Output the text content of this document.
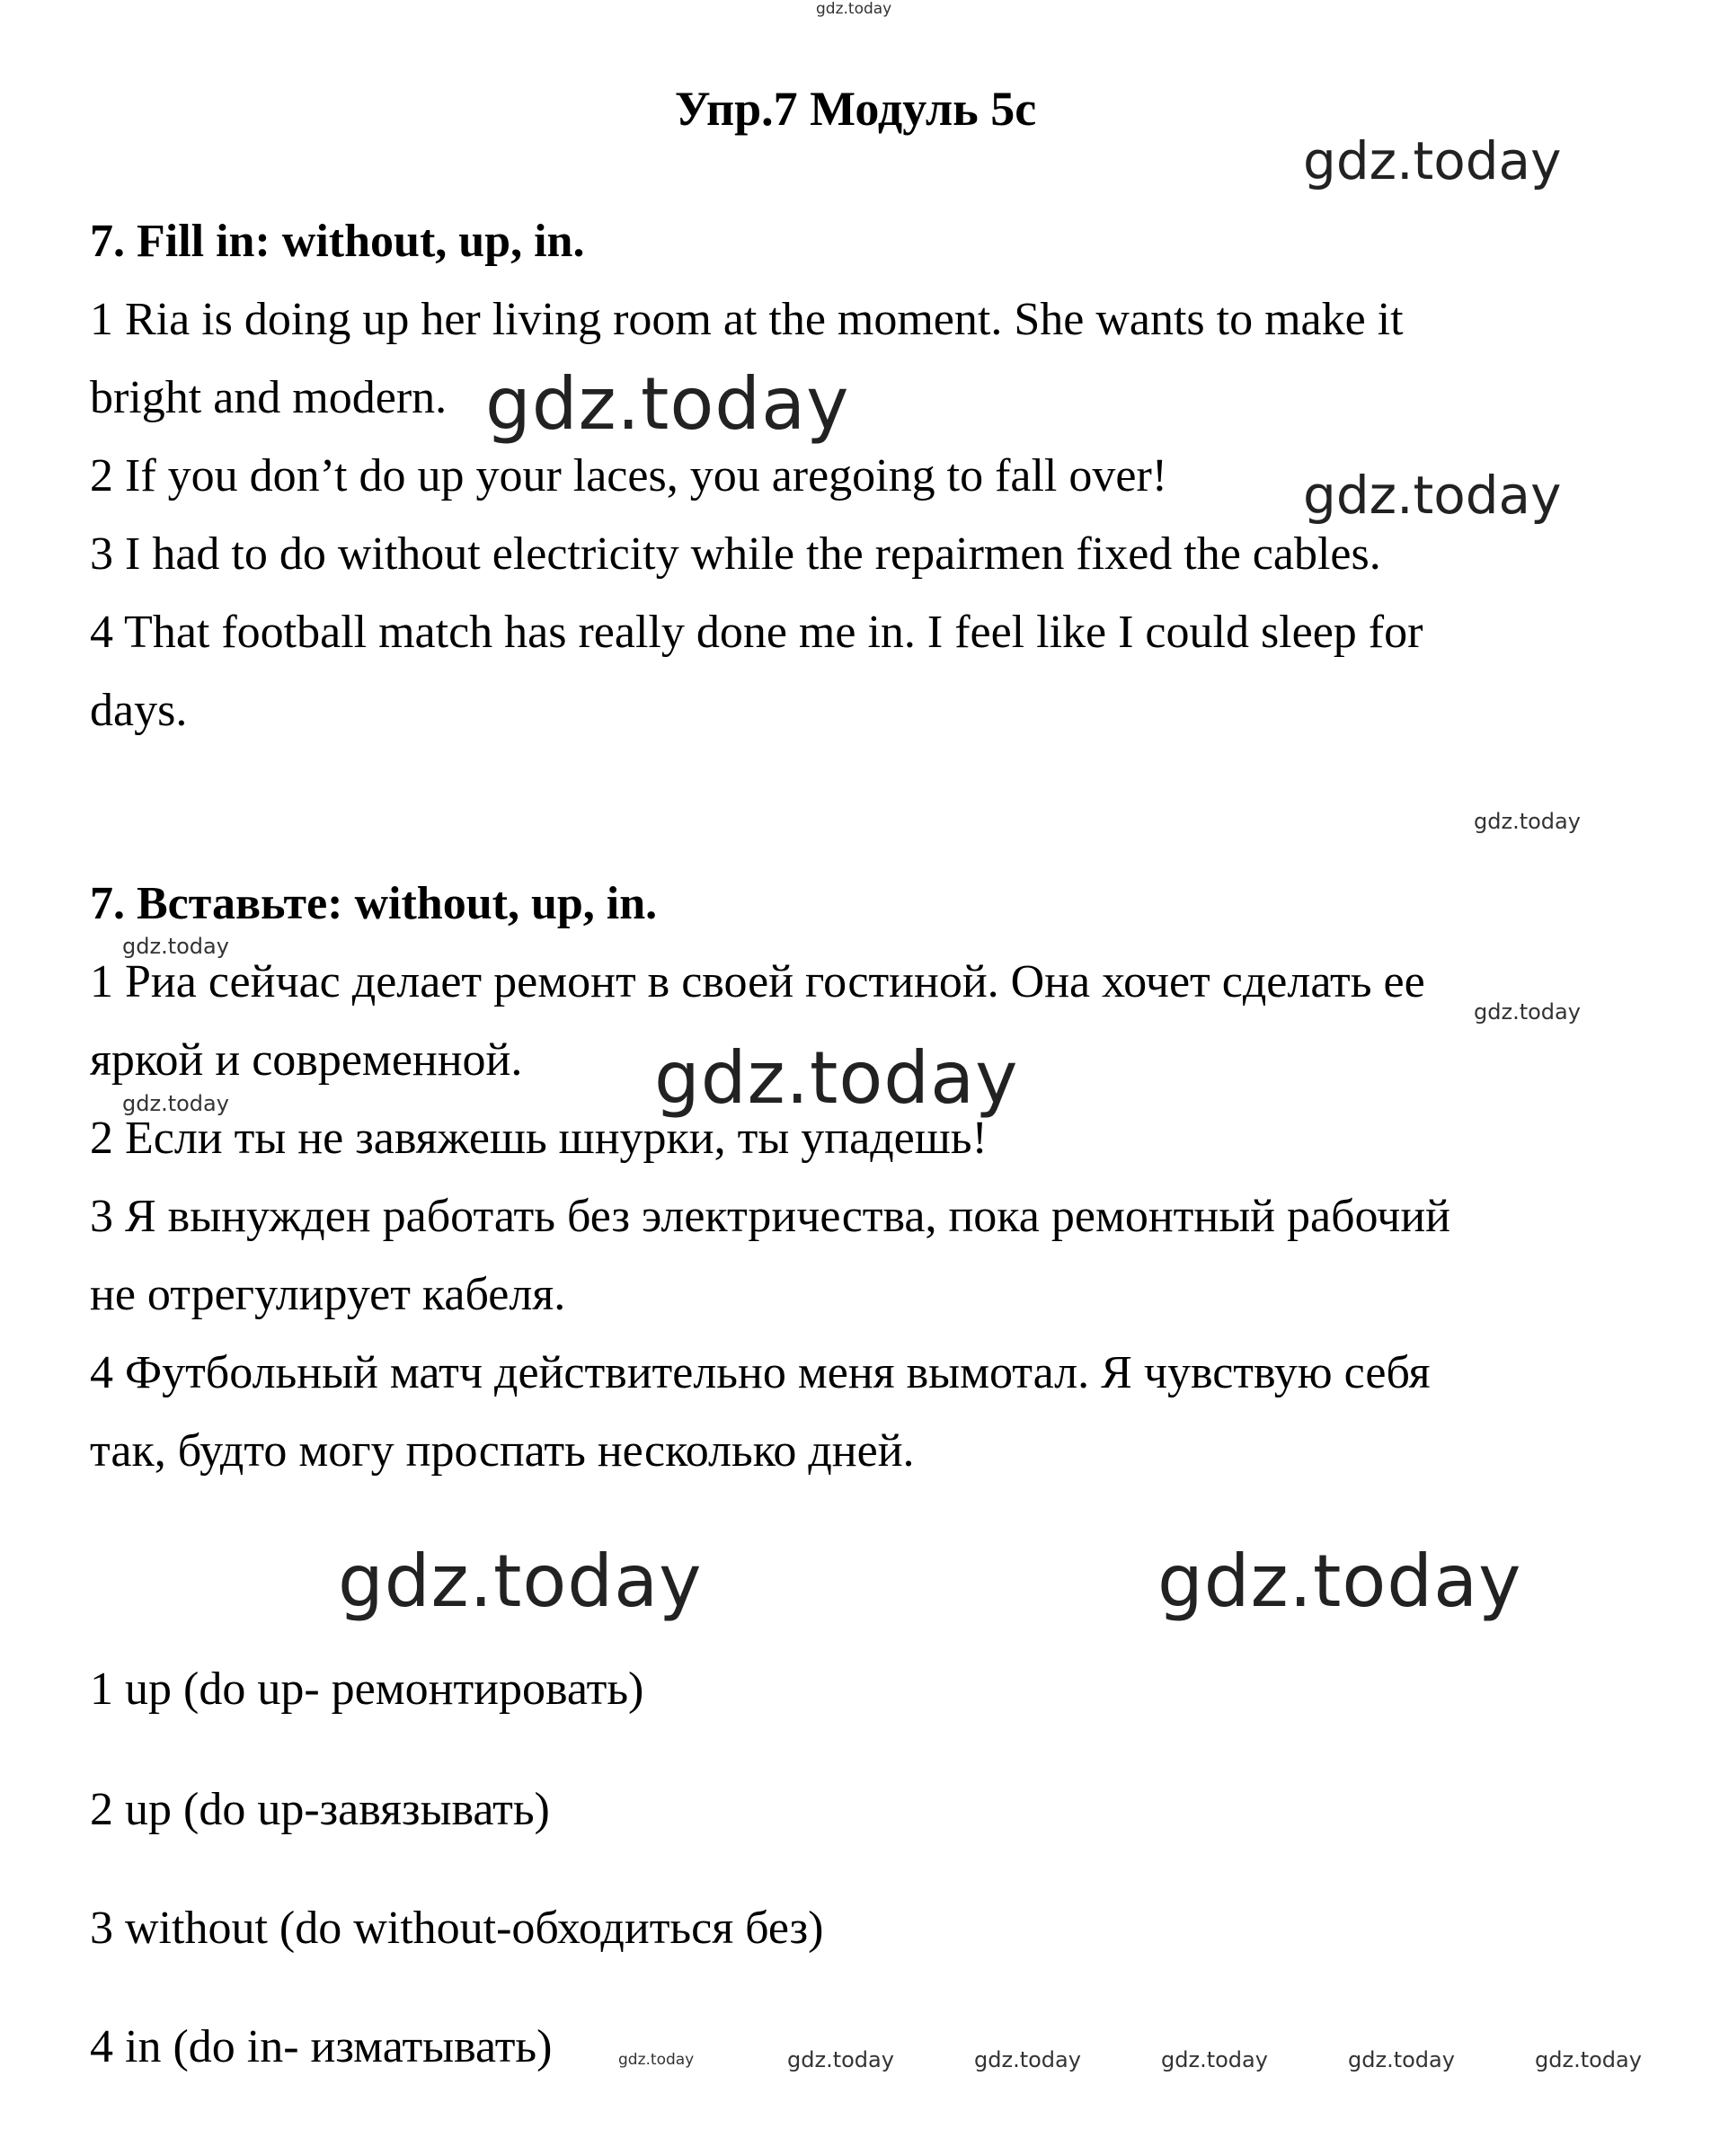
gdz.today
Упр.7 Модуль 5с
gdz.today
7. Fill in: without, up, in.
1 Ria is doing up her living room at the moment. She wants to make it
bright and modern.
2 If you don’t do up your laces, you aregoing to fall over!
3 I had to do without electricity while the repairmen fixed the cables.
4 That football match has really done me in. I feel like I could sleep for
days.
gdz.today
gdz.today
gdz.today
7. Вставьте: without, up, in.
1 Риа сейчас делает ремонт в своей гостиной. Она хочет сделать ее
яркой и современной.
2 Если ты не завяжешь шнурки, ты упадешь!
3 Я вынужден работать без электричества, пока ремонтный рабочий
не отрегулирует кабеля.
4 Футбольный матч действительно меня вымотал. Я чувствую себя
так, будто могу проспать несколько дней.
gdz.today
gdz.today
gdz.today
gdz.today
gdz.today	gdz.today
1 up (do up- ремонтировать)
2 up (do up-завязывать)
3 without (do without-обходиться без)
4 in (do in- изматывать)	gdz.today	gdz.today	gdz.today	gdz.today	gdz.today	gdz.today
